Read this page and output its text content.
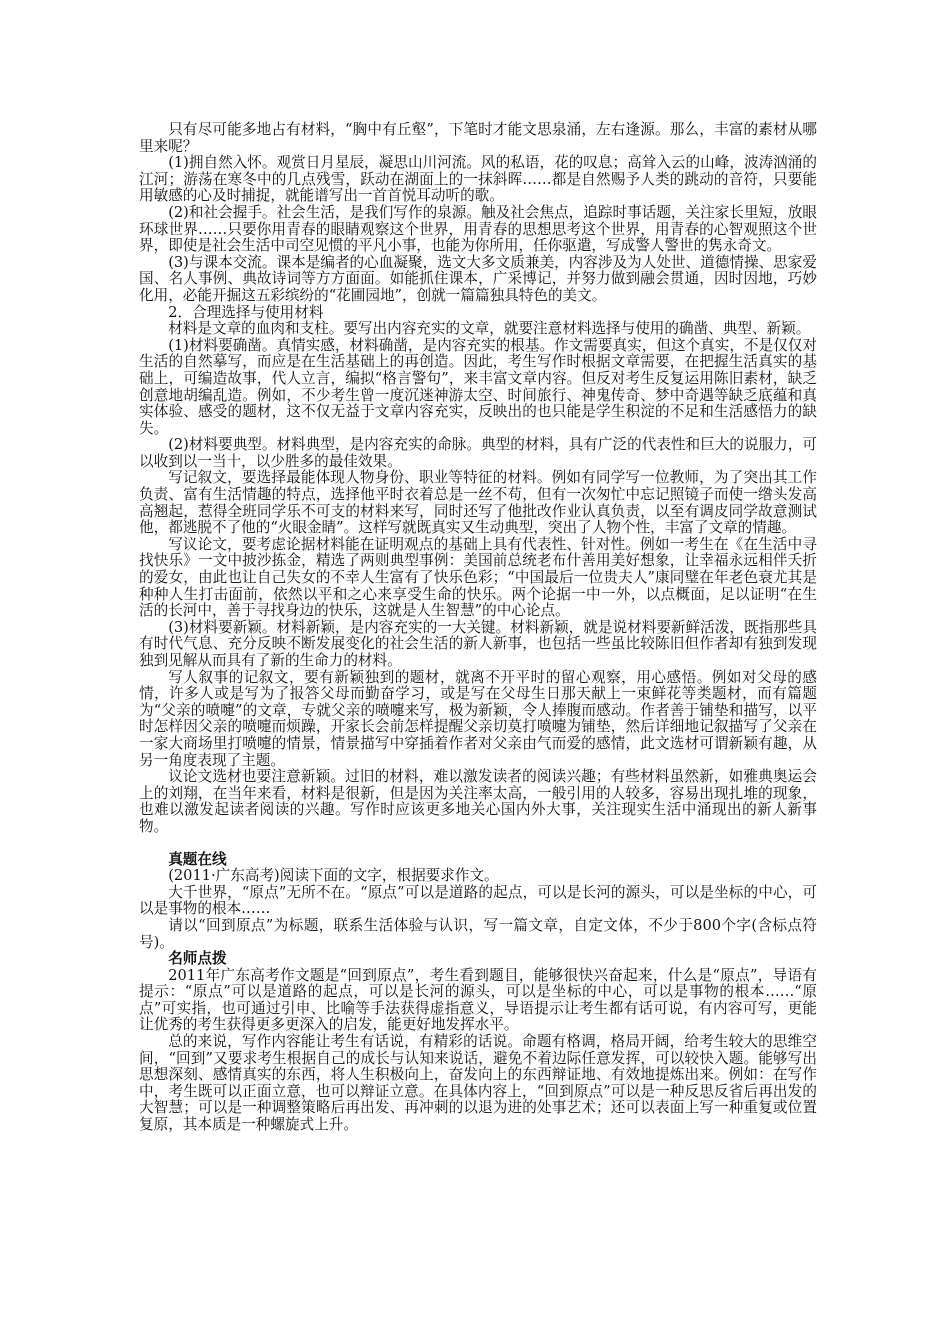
只有尽可能多地占有材料，“胸中有丘壑”，下笔时才能文思泉涌，左右逢源。那么，丰富的素材从哪里来呢？

(1)拥自然入怀。观赏日月星辰，凝思山川河流。风的私语，花的叹息；高耸入云的山峰，波涛汹涌的江河；游荡在寒冬中的几点残雪，跃动在湖面上的一抹斜晖……都是自然赐予人类的跳动的音符，只要能用敏感的心及时捕捉，就能谱写出一首首悦耳动听的歌。

(2)和社会握手。社会生活，是我们写作的泉源。触及社会焦点，追踪时事话题，关注家长里短，放眼环球世界……只要你用青春的眼睛观察这个世界，用青春的思想思考这个世界，用青春的心智观照这个世界，即使是社会生活中司空见惯的平凡小事，也能为你所用，任你驱遣，写成警人警世的隽永奇文。

(3)与课本交流。课本是编者的心血凝聚，选文大多文质兼美，内容涉及为人处世、道德情操、思家爱国、名人事例、典故诗词等方方面面。如能抓住课本，广采博记，并努力做到融会贯通，因时因地，巧妙化用，必能开掘这五彩缤纷的“花圃园地”，创就一篇篇独具特色的美文。

2．合理选择与使用材料

材料是文章的血肉和支柱。要写出内容充实的文章，就要注意材料选择与使用的确凿、典型、新颖。

(1)材料要确凿。真情实感，材料确凿，是内容充实的根基。作文需要真实，但这个真实，不是仅仅对生活的自然摹写，而应是在生活基础上的再创造。因此，考生写作时根据文章需要，在把握生活真实的基础上，可编造故事，代人立言，编拟“格言警句”，来丰富文章内容。但反对考生反复运用陈旧素材，缺乏创意地胡编乱造。例如，不少考生曾一度沉迷神游太空、时间旅行、神鬼传奇、梦中奇遇等缺乏底蕴和真实体验、感受的题材，这不仅无益于文章内容充实，反映出的也只能是学生积淀的不足和生活感悟力的缺失。

(2)材料要典型。材料典型，是内容充实的命脉。典型的材料，具有广泛的代表性和巨大的说服力，可以收到以一当十，以少胜多的最佳效果。

写记叙文，要选择最能体现人物身份、职业等特征的材料。例如有同学写一位教师，为了突出其工作负责、富有生活情趣的特点，选择他平时衣着总是一丝不苟，但有一次匆忙中忘记照镜子而使一绺头发高高翘起，惹得全班同学乐不可支的材料来写，同时还写了他批改作业认真负责，以至有调皮同学故意测试他，都逃脱不了他的“火眼金睛”。这样写就既真实又生动典型，突出了人物个性，丰富了文章的情趣。

写议论文，要考虑论据材料能在证明观点的基础上具有代表性、针对性。例如一考生在《在生活中寻找快乐》一文中披沙拣金，精选了两则典型事例：美国前总统老布什善用美好想象，让幸福永远相伴夭折的爱女，由此也让自己失女的不幸人生富有了快乐色彩；“中国最后一位贵夫人”康同璧在年老色衰尤其是种种人生打击面前，依然以平和之心来享受生命的快乐。两个论据一中一外，以点概面，足以证明“在生活的长河中，善于寻找身边的快乐，这就是人生智慧”的中心论点。

(3)材料要新颖。材料新颖，是内容充实的一大关键。材料新颖，就是说材料要新鲜活泼，既指那些具有时代气息、充分反映不断发展变化的社会生活的新人新事，也包括一些虽比较陈旧但作者却有独到发现独到见解从而具有了新的生命力的材料。

写人叙事的记叙文，要有新颖独到的题材，就离不开平时的留心观察，用心感悟。例如对父母的感情，许多人或是写为了报答父母而勤奋学习，或是写在父母生日那天献上一束鲜花等类题材，而有篇题为“父亲的喷嚏”的文章，专就父亲的喷嚏来写，极为新颖，令人捧腹而感动。作者善于铺垫和描写，以平时怎样因父亲的喷嚏而烦躁，开家长会前怎样提醒父亲切莫打喷嚏为铺垫，然后详细地记叙描写了父亲在一家大商场里打喷嚏的情景，情景描写中穿插着作者对父亲由气而爱的感情，此文选材可谓新颖有趣，从另一角度表现了主题。

议论文选材也要注意新颖。过旧的材料，难以激发读者的阅读兴趣；有些材料虽然新，如雅典奥运会上的刘翔，在当年来看，材料是很新，但是因为关注率太高，一般引用的人较多，容易出现扎堆的现象，也难以激发起读者阅读的兴趣。写作时应该更多地关心国内外大事，关注现实生活中涌现出的新人新事物。

真题在线

(2011·广东高考)阅读下面的文字，根据要求作文。

大千世界，“原点”无所不在。“原点”可以是道路的起点，可以是长河的源头，可以是坐标的中心，可以是事物的根本……

请以“回到原点”为标题，联系生活体验与认识，写一篇文章，自定文体，不少于800个字(含标点符号)。

名师点拨

2011年广东高考作文题是“回到原点”，考生看到题目，能够很快兴奋起来，什么是“原点”，导语有提示：“原点”可以是道路的起点，可以是长河的源头，可以是坐标的中心，可以是事物的根本……“原点”可实指，也可通过引申、比喻等手法获得虚指意义，导语提示让考生都有话可说，有内容可写，更能让优秀的考生获得更多更深入的启发，能更好地发挥水平。

总的来说，写作内容能让考生有话说，有精彩的话说。命题有格调，格局开阔，给考生较大的思维空间，“回到”又要求考生根据自己的成长与认知来说话，避免不着边际任意发挥，可以较快入题。能够写出思想深刻、感情真实的东西，将人生积极向上，奋发向上的东西辩证地、有效地提炼出来。例如：在写作中，考生既可以正面立意，也可以辩证立意。在具体内容上，“回到原点”可以是一种反思反省后再出发的大智慧；可以是一种调整策略后再出发、再冲刺的以退为进的处事艺术；还可以表面上写一种重复或位置复原，其本质是一种螺旋式上升。
